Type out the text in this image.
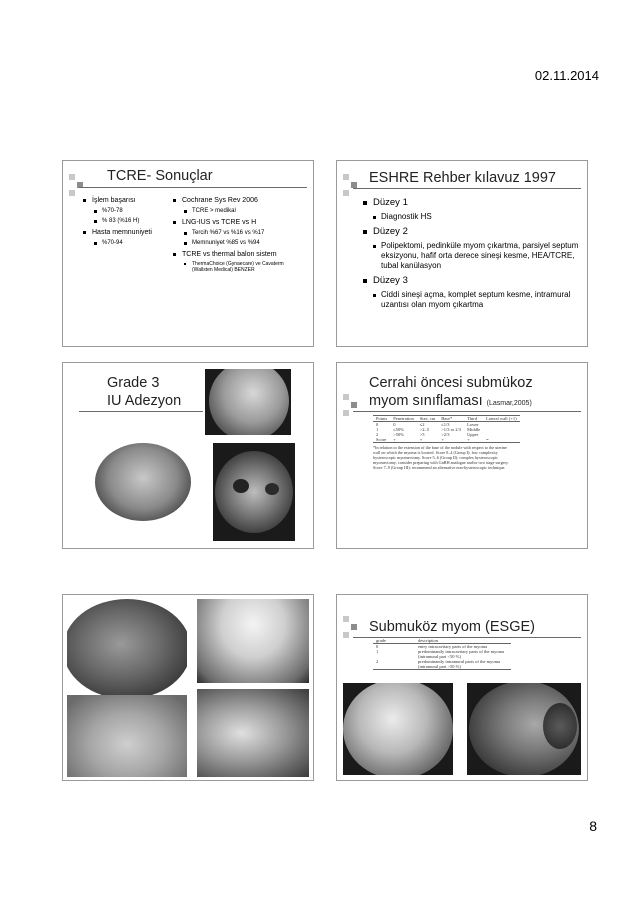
02.11.2014
TCRE- Sonuçlar
İşlem başarısı
%70-78
% 83 (%16 H)
Hasta memnuniyeti
%70-94
Cochrane Sys Rev 2006
TCRE > medikal
LNG-IUS vs TCRE vs H
Tercih %67 vs %16 vs %17
Memnuniyet %85 vs %94
TCRE vs thermal balon sistem
ThermaChoice (Gynaecare) ve Cavaterm (Wallsten Medical) BENZER
ESHRE Rehber kılavuz 1997
Düzey 1
Diagnostik HS
Düzey 2
Polipektomi, pedinküle myom çıkartma, parsiyel septum eksizyonu, hafif orta derece sineşi kesme, HEA/TCRE, tubal kanülasyon
Düzey 3
Ciddi sineşi açma, komplet septum kesme, intramural uzantısı olan myom çıkartma
Grade 3
IU Adezyon
Cerrahi öncesi submükoz
myom sınıflaması (Lasmar,2005)
Points	Penetration	Size, cm	Base*	Third	Lateral wall (+1)
0	0	≤2	≤1/3	Lower	
1	≤50%	>2–5	>1/3 to 2/3	Middle	
2	>50%	>5	>2/3	Upper	
Score	+	+	+	+	=
*In relation to the extension of the base of the nodule with respect to the uterine wall on which the myoma is located. Score 0–4 (Group I): low complexity hysteroscopic myomectomy. Score 5–6 (Group II): complex hysteroscopic myomectomy, consider preparing with GnRH analogue and/or two stage surgery. Score 7–9 (Group III): recommend an alternative non-hysteroscopic technique.
Submuköz myom (ESGE)
grade	description
0	entry intracavitary parts of the myoma
1	predominantly intracavitary parts of the myoma (intramural part <50 %)
2	predominantly intramural parts of the myoma (intramural part >50 %)
8
